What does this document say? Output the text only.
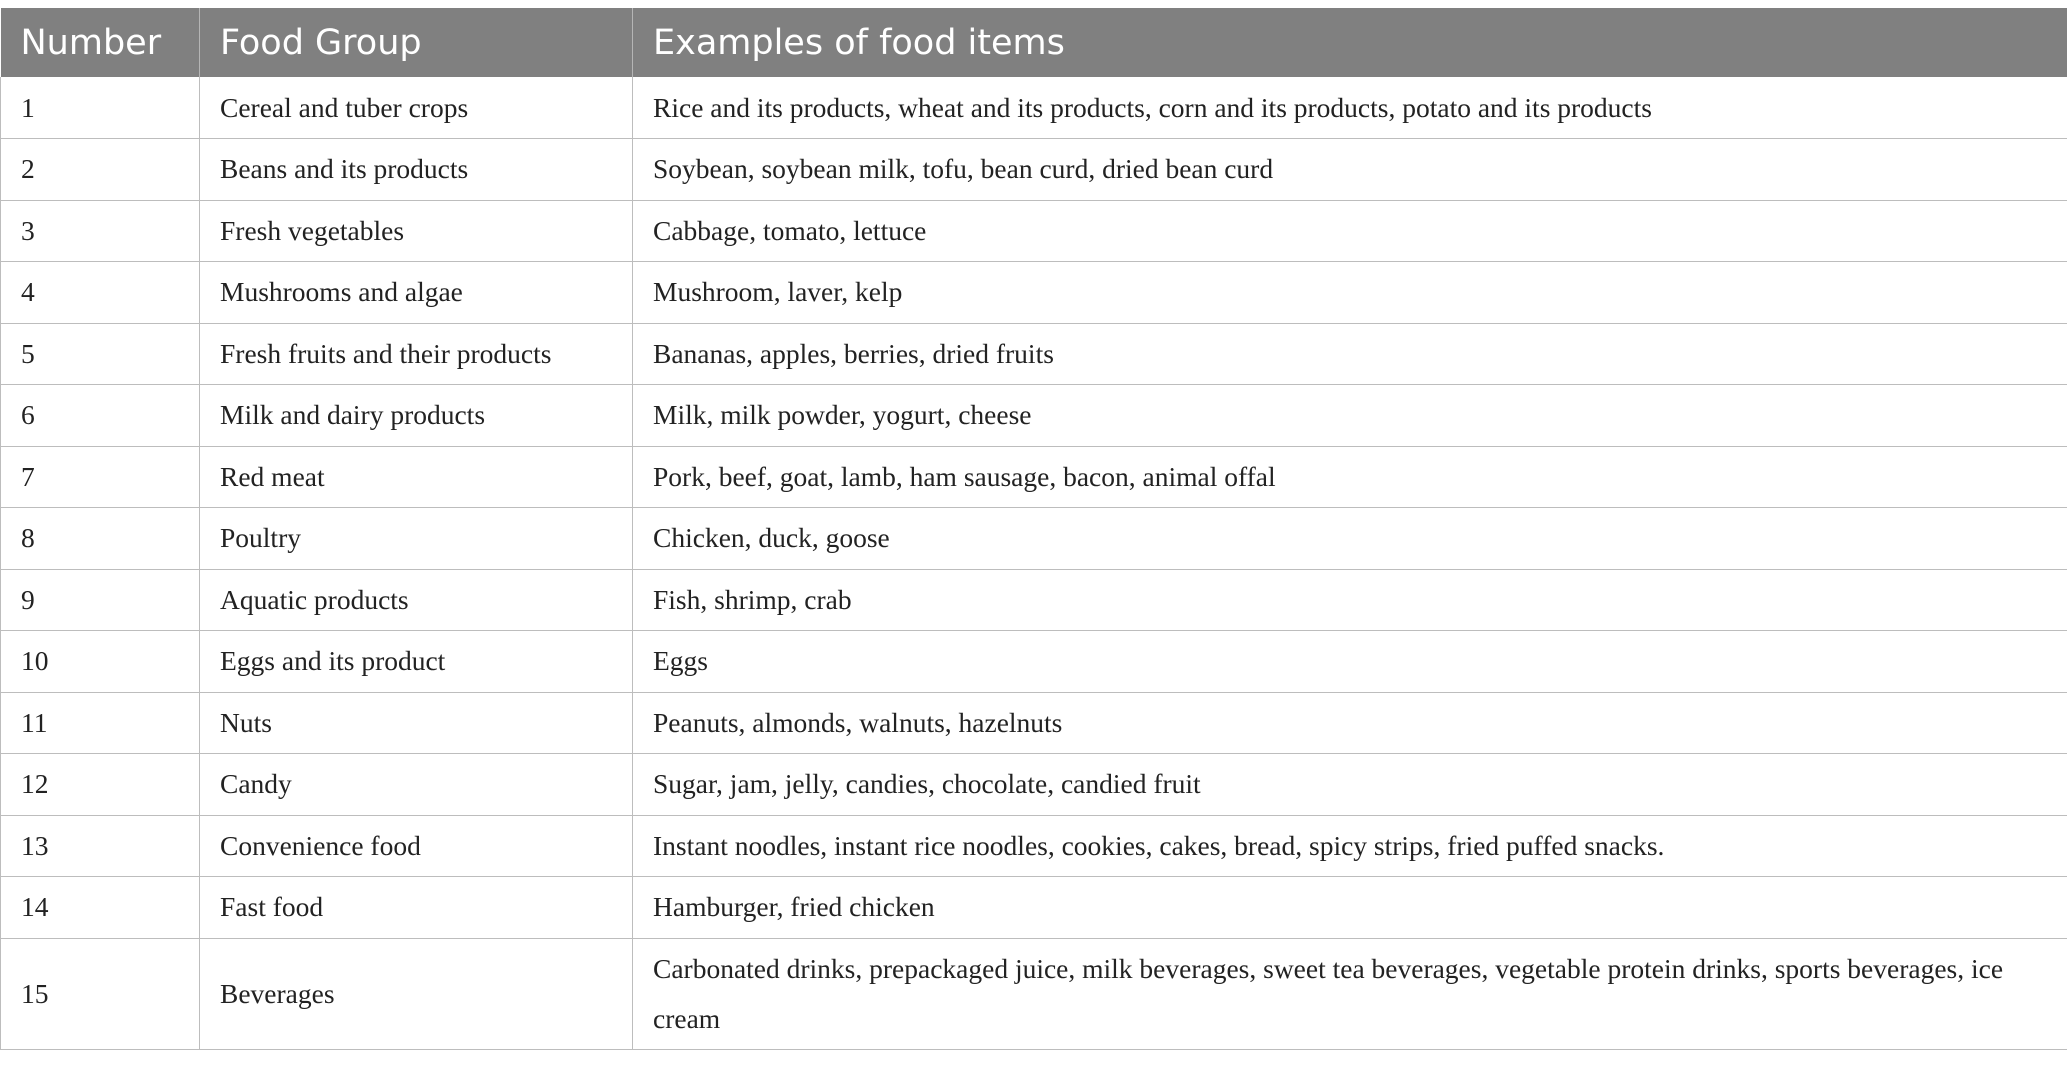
Number	Food Group	Examples of food items
1	Cereal and tuber crops	Rice and its products, wheat and its products, corn and its products, potato and its products
2	Beans and its products	Soybean, soybean milk, tofu, bean curd, dried bean curd
3	Fresh vegetables	Cabbage, tomato, lettuce
4	Mushrooms and algae	Mushroom, laver, kelp
5	Fresh fruits and their products	Bananas, apples, berries, dried fruits
6	Milk and dairy products	Milk, milk powder, yogurt, cheese
7	Red meat	Pork, beef, goat, lamb, ham sausage, bacon, animal offal
8	Poultry	Chicken, duck, goose
9	Aquatic products	Fish, shrimp, crab
10	Eggs and its product	Eggs
11	Nuts	Peanuts, almonds, walnuts, hazelnuts
12	Candy	Sugar, jam, jelly, candies, chocolate, candied fruit
13	Convenience food	Instant noodles, instant rice noodles, cookies, cakes, bread, spicy strips, fried puffed snacks.
14	Fast food	Hamburger, fried chicken
15	Beverages	Carbonated drinks, prepackaged juice, milk beverages, sweet tea beverages, vegetable protein drinks, sports beverages, ice cream
